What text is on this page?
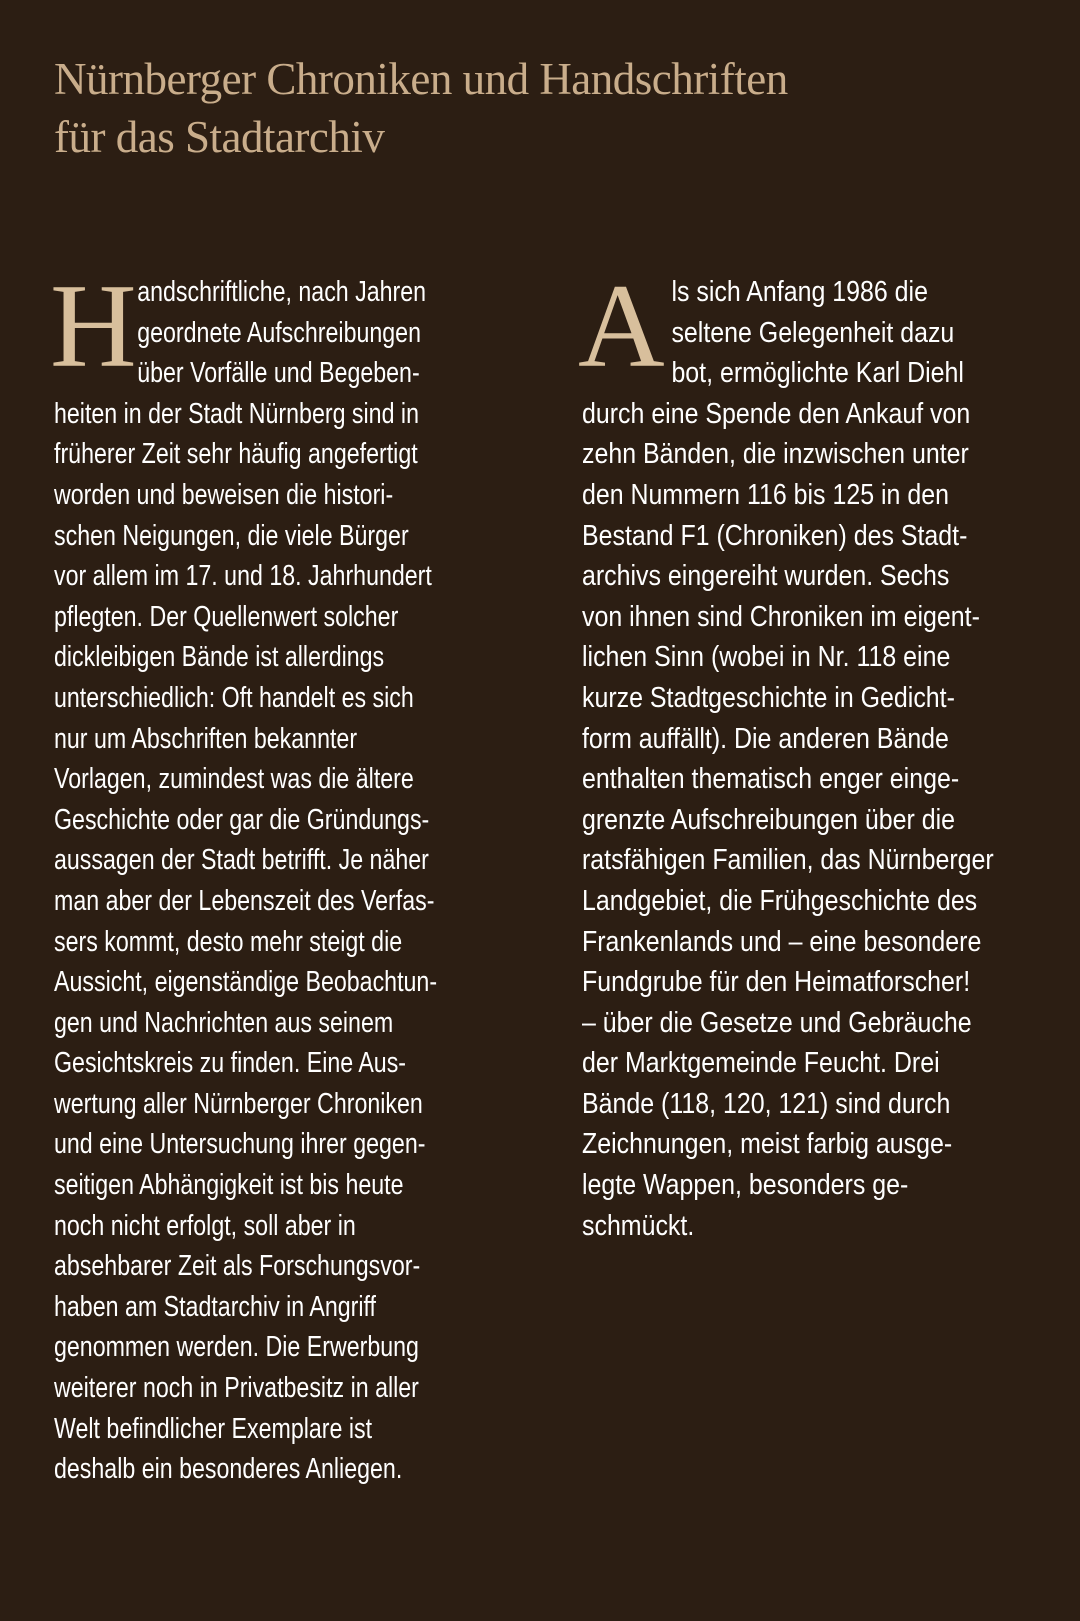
Nürnberger Chroniken und Handschriften
für das Stadtarchiv
H andschriftliche, nach Jahren
geordnete Aufschreibungen
über Vorfälle und Begeben-
heiten in der Stadt Nürnberg sind in
früherer Zeit sehr häufig angefertigt
worden und beweisen die histori-
schen Neigungen, die viele Bürger
vor allem im 17. und 18. Jahrhundert
pflegten. Der Quellenwert solcher
dickleibigen Bände ist allerdings
unterschiedlich: Oft handelt es sich
nur um Abschriften bekannter
Vorlagen, zumindest was die ältere
Geschichte oder gar die Gründungs-
aussagen der Stadt betrifft. Je näher
man aber der Lebenszeit des Verfas-
sers kommt, desto mehr steigt die
Aussicht, eigenständige Beobachtun-
gen und Nachrichten aus seinem
Gesichtskreis zu finden. Eine Aus-
wertung aller Nürnberger Chroniken
und eine Untersuchung ihrer gegen-
seitigen Abhängigkeit ist bis heute
noch nicht erfolgt, soll aber in
absehbarer Zeit als Forschungsvor-
haben am Stadtarchiv in Angriff
genommen werden. Die Erwerbung
weiterer noch in Privatbesitz in aller
Welt befindlicher Exemplare ist
deshalb ein besonderes Anliegen.
A ls sich Anfang 1986 die
seltene Gelegenheit dazu
bot, ermöglichte Karl Diehl
durch eine Spende den Ankauf von
zehn Bänden, die inzwischen unter
den Nummern 116 bis 125 in den
Bestand F1 (Chroniken) des Stadt-
archivs eingereiht wurden. Sechs
von ihnen sind Chroniken im eigent-
lichen Sinn (wobei in Nr. 118 eine
kurze Stadtgeschichte in Gedicht-
form auffällt). Die anderen Bände
enthalten thematisch enger einge-
grenzte Aufschreibungen über die
ratsfähigen Familien, das Nürnberger
Landgebiet, die Frühgeschichte des
Frankenlands und – eine besondere
Fundgrube für den Heimatforscher!
– über die Gesetze und Gebräuche
der Marktgemeinde Feucht. Drei
Bände (118, 120, 121) sind durch
Zeichnungen, meist farbig ausge-
legte Wappen, besonders ge-
schmückt.
